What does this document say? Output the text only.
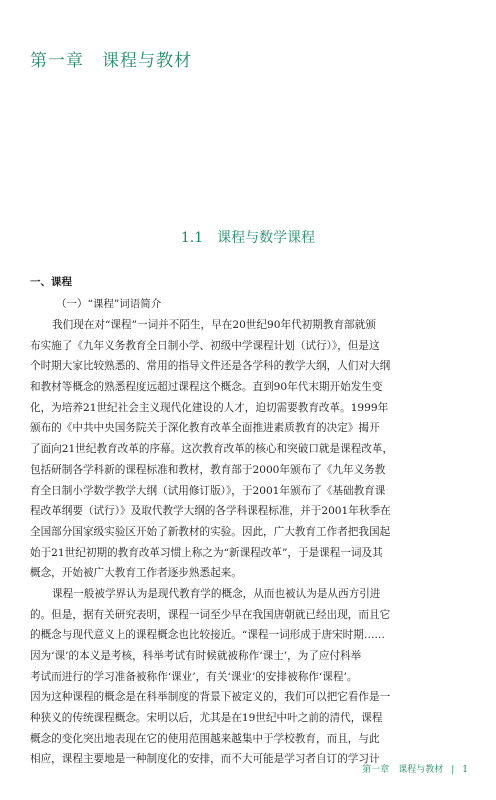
第一章　课程与教材
1.1　课程与数学课程
一、课程
（一）“课程”词语简介
我们现在对“课程”一词并不陌生，早在20世纪90年代初期教育部就颁
布实施了《九年义务教育全日制小学、初级中学课程计划（试行）》，但是这
个时期大家比较熟悉的、常用的指导文件还是各学科的教学大纲，人们对大纲
和教材等概念的熟悉程度远超过课程这个概念。直到90年代末期开始发生变
化，为培养21世纪社会主义现代化建设的人才，迫切需要教育改革。1999年
颁布的《中共中央国务院关于深化教育改革全面推进素质教育的决定》揭开
了面向21世纪教育改革的序幕。这次教育改革的核心和突破口就是课程改革，
包括研制各学科新的课程标准和教材，教育部于2000年颁布了《九年义务教
育全日制小学数学教学大纲（试用修订版）》，于2001年颁布了《基础教育课
程改革纲要（试行）》及取代教学大纲的各学科课程标准，并于2001年秋季在
全国部分国家级实验区开始了新教材的实验。因此，广大教育工作者把我国起
始于21世纪初期的教育改革习惯上称之为“新课程改革”，于是课程一词及其
概念，开始被广大教育工作者逐步熟悉起来。
课程一般被学界认为是现代教育学的概念，从而也被认为是从西方引进
的。但是，据有关研究表明，课程一词至少早在我国唐朝就已经出现，而且它
的概念与现代意义上的课程概念也比较接近。“课程一词形成于唐宋时期……
因为‘课’的本义是考核，科举考试有时候就被称作‘课士’，为了应付科举
考试而进行的学习准备被称作‘课业’，有关‘课业’的安排被称作‘课程’。
因为这种课程的概念是在科举制度的背景下被定义的，我们可以把它看作是一
种狭义的传统课程概念。宋明以后，尤其是在19世纪中叶之前的清代，课程
概念的变化突出地表现在它的使用范围越来越集中于学校教育，而且，与此
相应，课程主要地是一种制度化的安排，而不大可能是学习者自订的学习计
第一章　课程与教材 | 1
